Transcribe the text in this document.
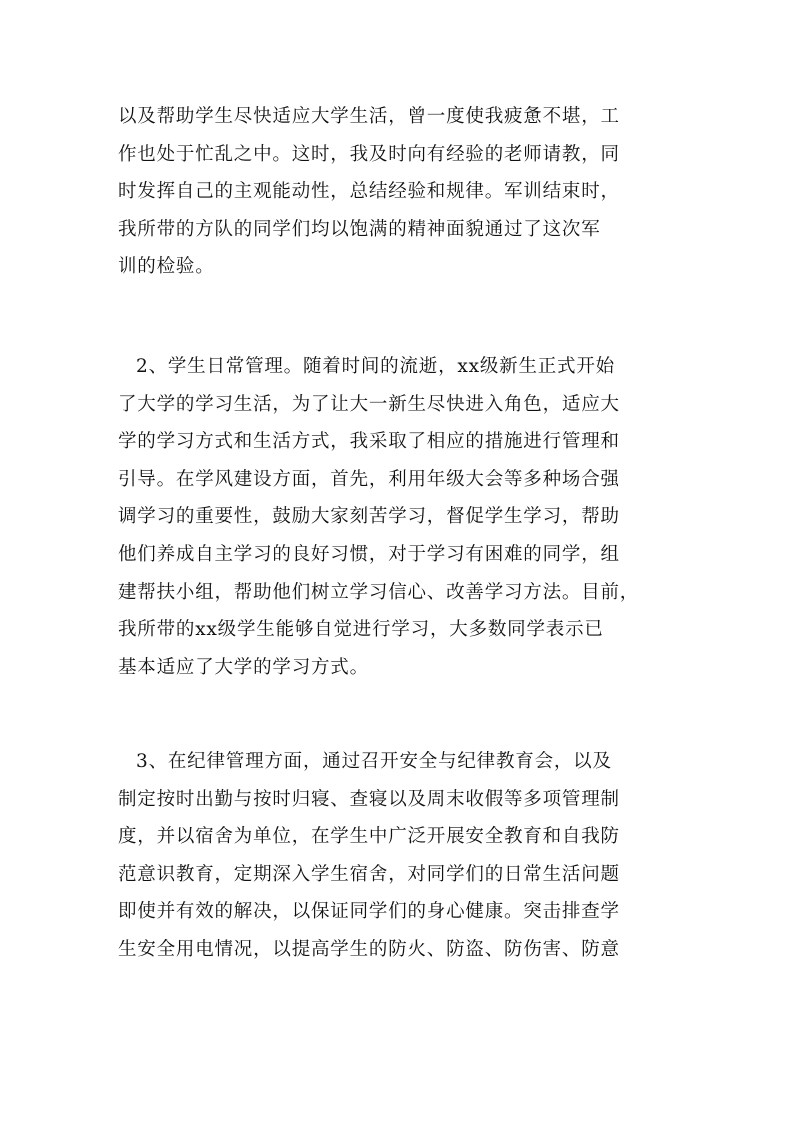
以及帮助学生尽快适应大学生活，曾一度使我疲惫不堪，工
作也处于忙乱之中。这时，我及时向有经验的老师请教，同
时发挥自己的主观能动性，总结经验和规律。军训结束时，
我所带的方队的同学们均以饱满的精神面貌通过了这次军
训的检验。
2、学生日常管理。随着时间的流逝，xx级新生正式开始
了大学的学习生活，为了让大一新生尽快进入角色，适应大
学的学习方式和生活方式，我采取了相应的措施进行管理和
引导。在学风建设方面，首先，利用年级大会等多种场合强
调学习的重要性，鼓励大家刻苦学习，督促学生学习，帮助
他们养成自主学习的良好习惯，对于学习有困难的同学，组
建帮扶小组，帮助他们树立学习信心、改善学习方法。目前，
我所带的xx级学生能够自觉进行学习，大多数同学表示已
基本适应了大学的学习方式。
3、在纪律管理方面，通过召开安全与纪律教育会，以及
制定按时出勤与按时归寝、查寝以及周末收假等多项管理制
度，并以宿舍为单位，在学生中广泛开展安全教育和自我防
范意识教育，定期深入学生宿舍，对同学们的日常生活问题
即使并有效的解决，以保证同学们的身心健康。突击排查学
生安全用电情况，以提高学生的防火、防盗、防伤害、防意
